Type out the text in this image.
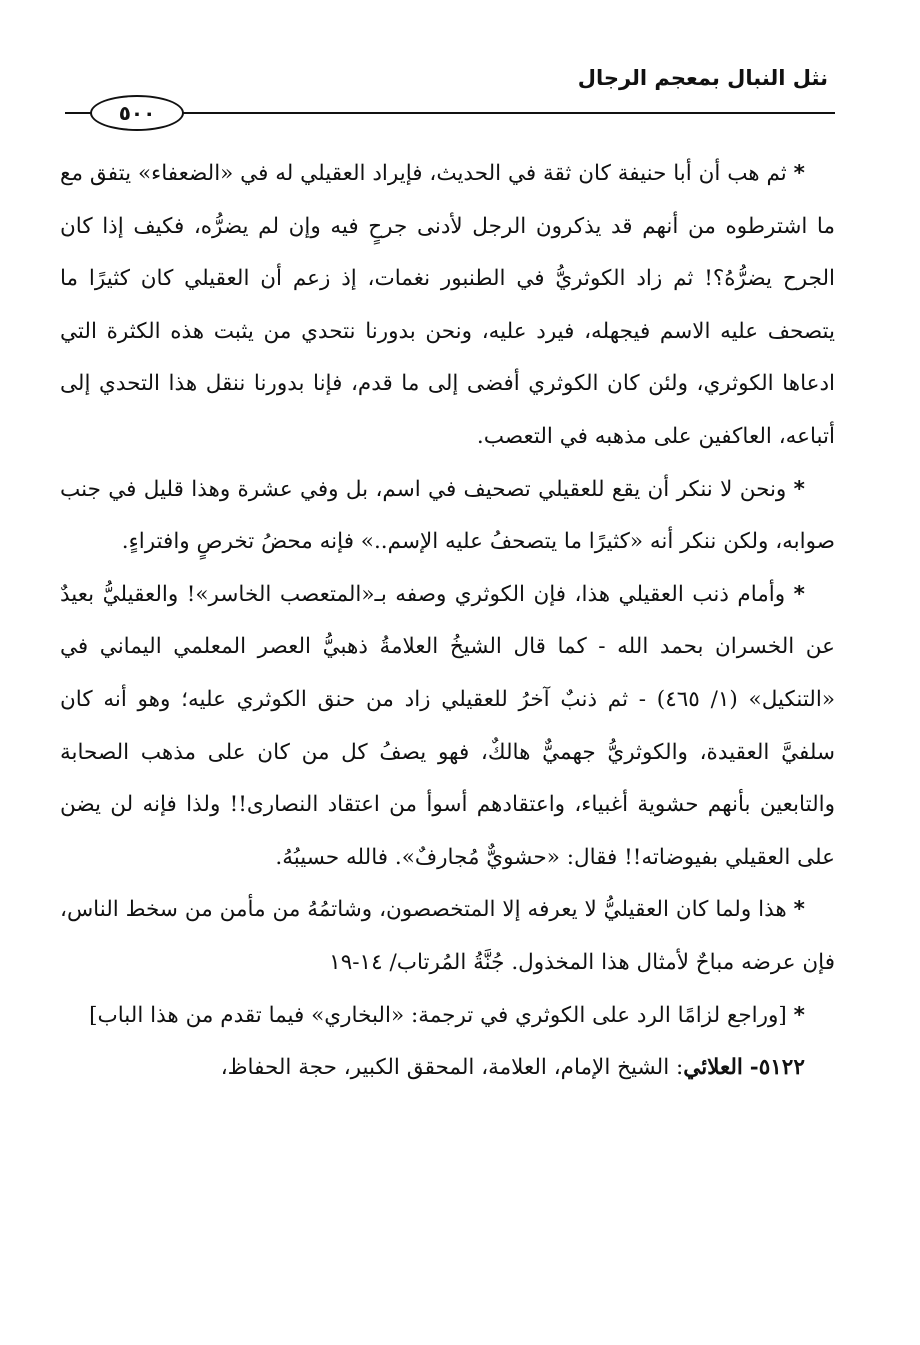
نثل النبال بمعجم الرجال
٥٠٠

* ثم هب أن أبا حنيفة كان ثقة في الحديث، فإيراد العقيلي له في «الضعفاء» يتفق مع ما اشترطوه من أنهم قد يذكرون الرجل لأدنى جرحٍ فيه وإن لم يضرُّه، فكيف إذا كان الجرح يضرُّهُ؟! ثم زاد الكوثريُّ في الطنبور نغمات، إذ زعم أن العقيلي كان كثيرًا ما يتصحف عليه الاسم فيجهله، فيرد عليه، ونحن بدورنا نتحدي من يثبت هذه الكثرة التي ادعاها الكوثري، ولئن كان الكوثري أفضى إلى ما قدم، فإنا بدورنا ننقل هذا التحدي إلى أتباعه، العاكفين على مذهبه في التعصب.

* ونحن لا ننكر أن يقع للعقيلي تصحيف في اسم، بل وفي عشرة وهذا قليل في جنب صوابه، ولكن ننكر أنه «كثيرًا ما يتصحفُ عليه الإسم..» فإنه محضُ تخرصٍ وافتراءٍ.

* وأمام ذنب العقيلي هذا، فإن الكوثري وصفه بـ«المتعصب الخاسر»! والعقيليُّ بعيدٌ عن الخسران بحمد الله - كما قال الشيخُ العلامةُ ذهبيُّ العصر المعلمي اليماني في «التنكيل» (١/ ٤٦٥) - ثم ذنبٌ آخرُ للعقيلي زاد من حنق الكوثري عليه؛ وهو أنه كان سلفيَّ العقيدة، والكوثريُّ جهميٌّ هالكٌ، فهو يصفُ كل من كان على مذهب الصحابة والتابعين بأنهم حشوية أغبياء، واعتقادهم أسوأ من اعتقاد النصارى!! ولذا فإنه لن يضن على العقيلي بفيوضاته!! فقال: «حشويٌّ مُجارفٌ». فالله حسيبُهُ.

* هذا ولما كان العقيليُّ لا يعرفه إلا المتخصصون، وشاتمُهُ من مأمن من سخط الناس، فإن عرضه مباحٌ لأمثال هذا المخذول. جُنَّةُ المُرتاب/ ١٤-١٩

* [وراجع لزامًا الرد على الكوثري في ترجمة: «البخاري» فيما تقدم من هذا الباب]

٥١٢٢- العلائي: الشيخ الإمام، العلامة، المحقق الكبير، حجة الحفاظ،
